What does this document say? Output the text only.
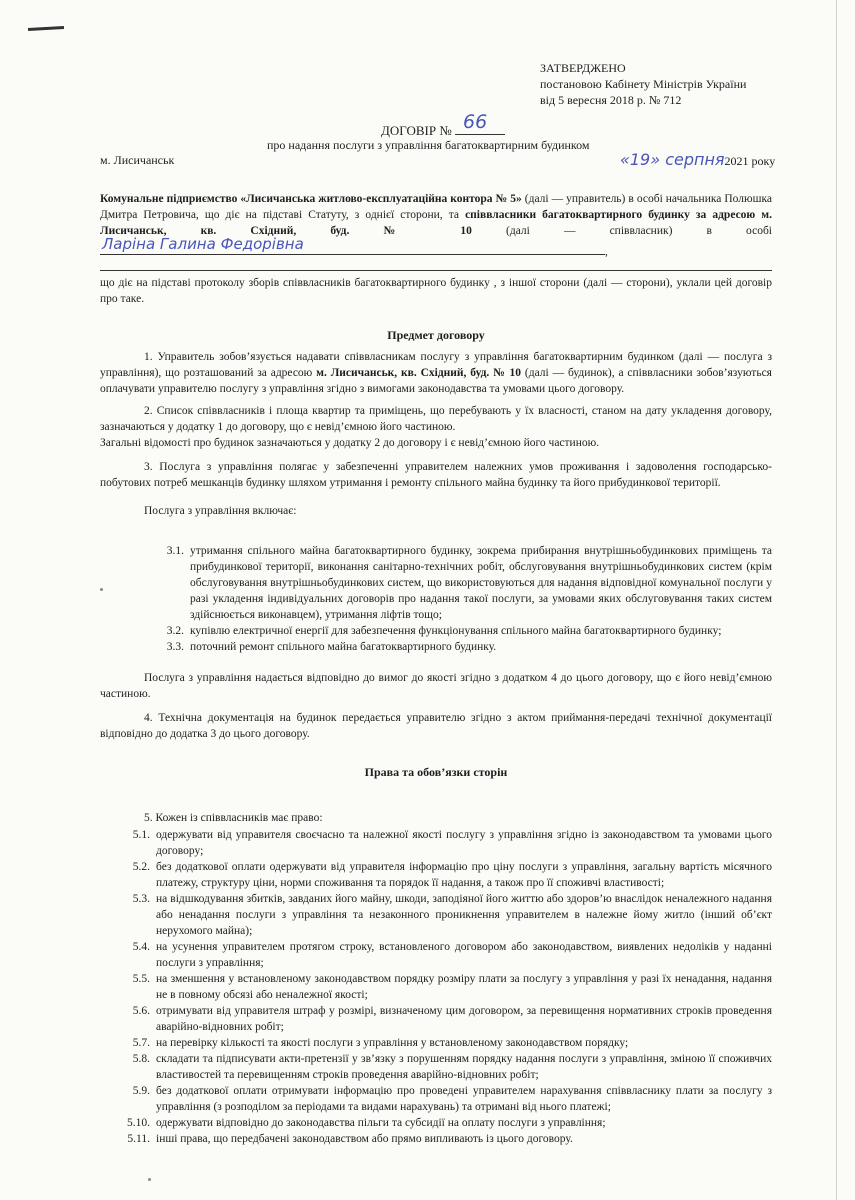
ЗАТВЕРДЖЕНО
постановою Кабінету Міністрів України
від 5 вересня 2018 р. № 712
ДОГОВІР № 66
про надання послуги з управління багатоквартирним будинком
м. Лисичанськ	«19» серпня2021 року

Комунальне підприємство «Лисичанська житлово-експлуатаційна контора № 5» (далі — управитель) в особі начальника Полюшка Дмитра Петровича, що діє на підставі Статуту, з однієї сторони, та співвласники багатоквартирного будинку за адресою м. Лисичанськ, кв. Східний, буд. № 10 (далі — співвласник) в особі
Ларіна Галина Федорівна	,

що діє на підставі протоколу зборів співвласників багатоквартирного будинку , з іншої сторони (далі — сторони), уклали цей договір про таке.

Предмет договору

1. Управитель зобов’язується надавати співвласникам послугу з управління багатоквартирним будинком (далі — послуга з управління), що розташований за адресою м. Лисичанськ, кв. Східний, буд. № 10 (далі — будинок), а співвласники зобов’язуються оплачувати управителю послугу з управління згідно з вимогами законодавства та умовами цього договору.

2. Список співвласників і площа квартир та приміщень, що перебувають у їх власності, станом на дату укладення договору, зазначаються у додатку 1 до договору, що є невід’ємною його частиною.

Загальні відомості про будинок зазначаються у додатку 2 до договору і є невід’ємною його частиною.

3. Послуга з управління полягає у забезпеченні управителем належних умов проживання і задоволення господарсько-побутових потреб мешканців будинку шляхом утримання і ремонту спільного майна будинку та його прибудинкової території.

Послуга з управління включає:

3.1. утримання спільного майна багатоквартирного будинку, зокрема прибирання внутрішньобудинкових приміщень та прибудинкової території, виконання санітарно-технічних робіт, обслуговування внутрішньобудинкових систем (крім обслуговування внутрішньобудинкових систем, що використовуються для надання відповідної комунальної послуги у разі укладення індивідуальних договорів про надання такої послуги, за умовами яких обслуговування таких систем здійснюється виконавцем), утримання ліфтів тощо;
3.2. купівлю електричної енергії для забезпечення функціонування спільного майна багатоквартирного будинку;
3.3. поточний ремонт спільного майна багатоквартирного будинку.

Послуга з управління надається відповідно до вимог до якості згідно з додатком 4 до цього договору, що є його невід’ємною частиною.

4. Технічна документація на будинок передається управителю згідно з актом приймання-передачі технічної документації відповідно до додатка 3 до цього договору.

Права та обов’язки сторін

5. Кожен із співвласників має право:

5.1. одержувати від управителя своєчасно та належної якості послугу з управління згідно із законодавством та умовами цього договору;
5.2. без додаткової оплати одержувати від управителя інформацію про ціну послуги з управління, загальну вартість місячного платежу, структуру ціни, норми споживання та порядок її надання, а також про її споживчі властивості;
5.3. на відшкодування збитків, завданих його майну, шкоди, заподіяної його життю або здоров’ю внаслідок неналежного надання або ненадання послуги з управління та незаконного проникнення управителем в належне йому житло (інший об’єкт нерухомого майна);
5.4. на усунення управителем протягом строку, встановленого договором або законодавством, виявлених недоліків у наданні послуги з управління;
5.5. на зменшення у встановленому законодавством порядку розміру плати за послугу з управління у разі їх ненадання, надання не в повному обсязі або неналежної якості;
5.6. отримувати від управителя штраф у розмірі, визначеному цим договором, за перевищення нормативних строків проведення аварійно-відновних робіт;
5.7. на перевірку кількості та якості послуги з управління у встановленому законодавством порядку;
5.8. складати та підписувати акти-претензії у зв’язку з порушенням порядку надання послуги з управління, зміною її споживчих властивостей та перевищенням строків проведення аварійно-відновних робіт;
5.9. без додаткової оплати отримувати інформацію про проведені управителем нарахування співвласнику плати за послугу з управління (з розподілом за періодами та видами нарахувань) та отримані від нього платежі;
5.10. одержувати відповідно до законодавства пільги та субсидії на оплату послуги з управління;
5.11. інші права, що передбачені законодавством або прямо випливають із цього договору.
